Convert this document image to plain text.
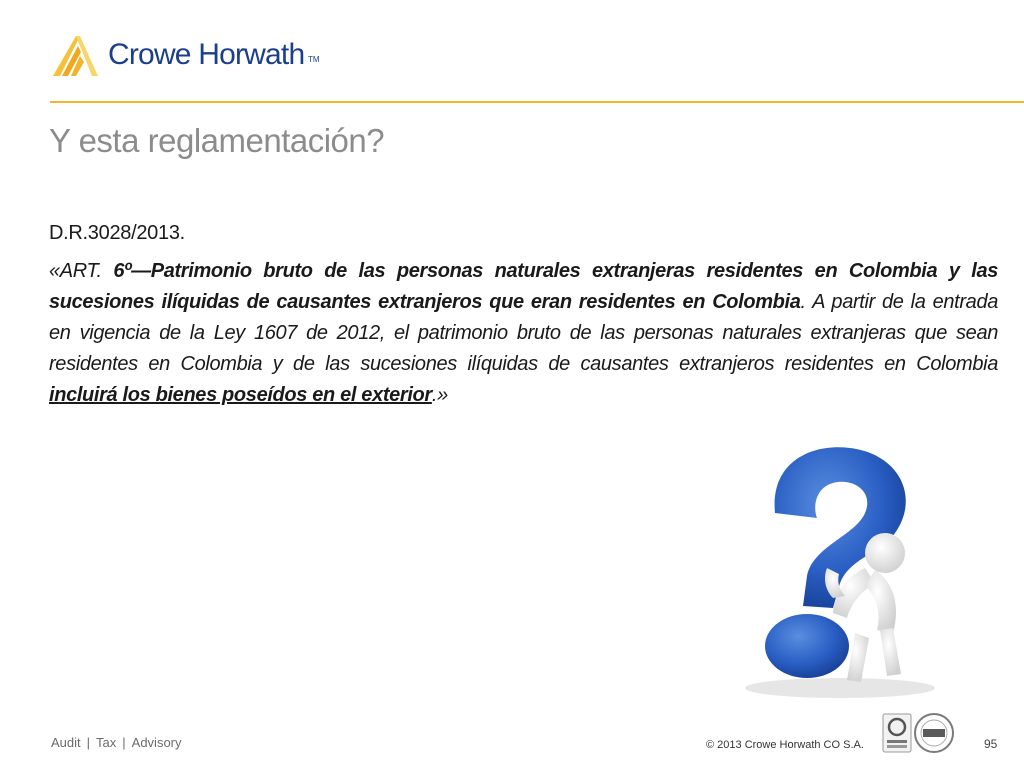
Crowe Horwath TM
Y esta reglamentación?

D.R.3028/2013.

«ART. 6º—Patrimonio bruto de las personas naturales extranjeras residentes en Colombia y las sucesiones ilíquidas de causantes extranjeros que eran residentes en Colombia. A partir de la entrada en vigencia de la Ley 1607 de 2012, el patrimonio bruto de las personas naturales extranjeras que sean residentes en Colombia y de las sucesiones ilíquidas de causantes extranjeros residentes en Colombia incluirá los bienes poseídos en el exterior.»

Audit | Tax | Advisory	© 2013 Crowe Horwath CO S.A.	95
